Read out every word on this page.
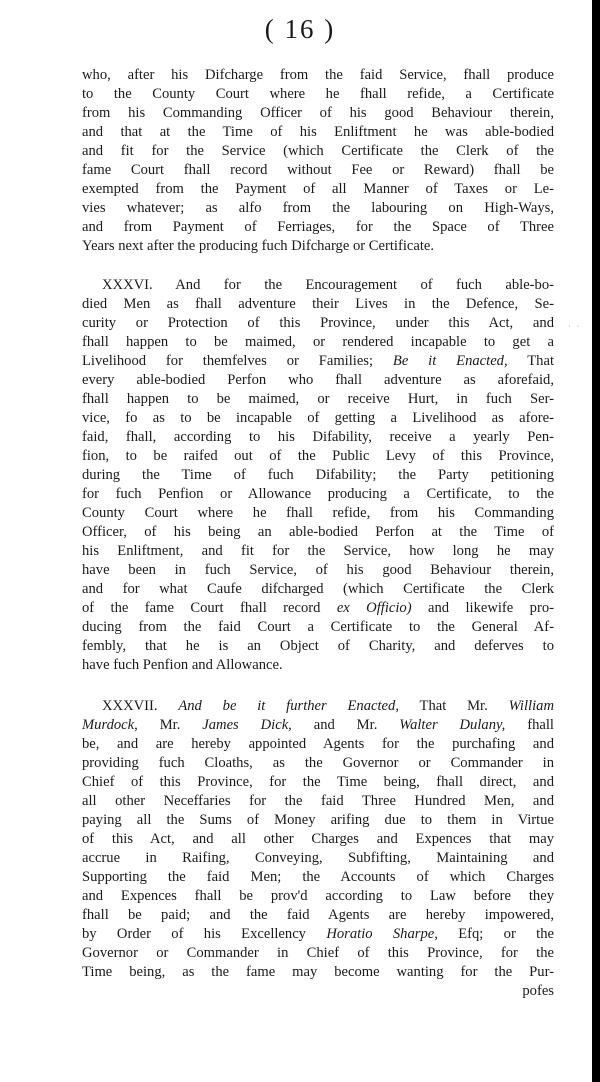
( 16 )
who, after his Difcharge from the faid Service, fhall produce
to the County Court where he fhall refide, a Certificate
from his Commanding Officer of his good Behaviour therein,
and that at the Time of his Enliftment he was able-bodied
and fit for the Service (which Certificate the Clerk of the
fame Court fhall record without Fee or Reward) fhall be
exempted from the Payment of all Manner of Taxes or Le-
vies whatever; as alfo from the labouring on High-Ways,
and from Payment of Ferriages, for the Space of Three
Years next after the producing fuch Difcharge or Certificate.
XXXVI. And for the Encouragement of fuch able-bo-
died Men as fhall adventure their Lives in the Defence, Se-
curity or Protection of this Province, under this Act, and
fhall happen to be maimed, or rendered incapable to get a
Livelihood for themfelves or Families; Be it Enacted, That
every able-bodied Perfon who fhall adventure as aforefaid,
fhall happen to be maimed, or receive Hurt, in fuch Ser-
vice, fo as to be incapable of getting a Livelihood as afore-
faid, fhall, according to his Difability, receive a yearly Pen-
fion, to be raifed out of the Public Levy of this Province,
during the Time of fuch Difability; the Party petitioning
for fuch Penfion or Allowance producing a Certificate, to the
County Court where he fhall refide, from his Commanding
Officer, of his being an able-bodied Perfon at the Time of
his Enliftment, and fit for the Service, how long he may
have been in fuch Service, of his good Behaviour therein,
and for what Caufe difcharged (which Certificate the Clerk
of the fame Court fhall record ex Officio) and likewife pro-
ducing from the faid Court a Certificate to the General Af-
fembly, that he is an Object of Charity, and deferves to
have fuch Penfion and Allowance.
XXXVII. And be it further Enacted, That Mr. William
Murdock, Mr. James Dick, and Mr. Walter Dulany, fhall
be, and are hereby appointed Agents for the purchafing and
providing fuch Cloaths, as the Governor or Commander in
Chief of this Province, for the Time being, fhall direct, and
all other Neceffaries for the faid Three Hundred Men, and
paying all the Sums of Money arifing due to them in Virtue
of this Act, and all other Charges and Expences that may
accrue in Raifing, Conveying, Subfifting, Maintaining and
Supporting the faid Men; the Accounts of which Charges
and Expences fhall be prov'd according to Law before they
fhall be paid; and the faid Agents are hereby impowered,
by Order of his Excellency Horatio Sharpe, Efq; or the
Governor or Commander in Chief of this Province, for the
Time being, as the fame may become wanting for the Pur-
pofes
· ·
